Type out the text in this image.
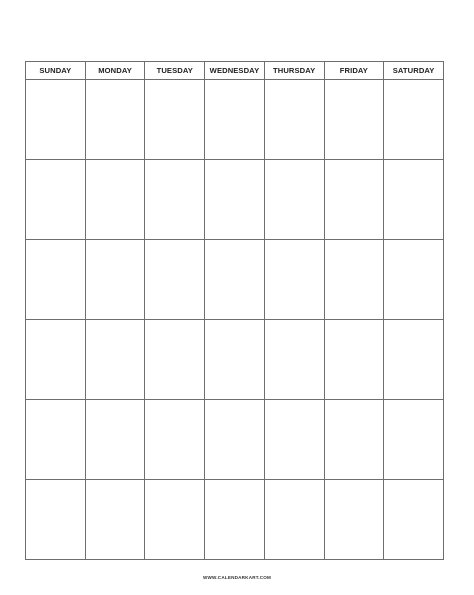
SUNDAY	MONDAY	TUESDAY	WEDNESDAY	THURSDAY	FRIDAY	SATURDAY

WWW.CALENDARKART.COM
